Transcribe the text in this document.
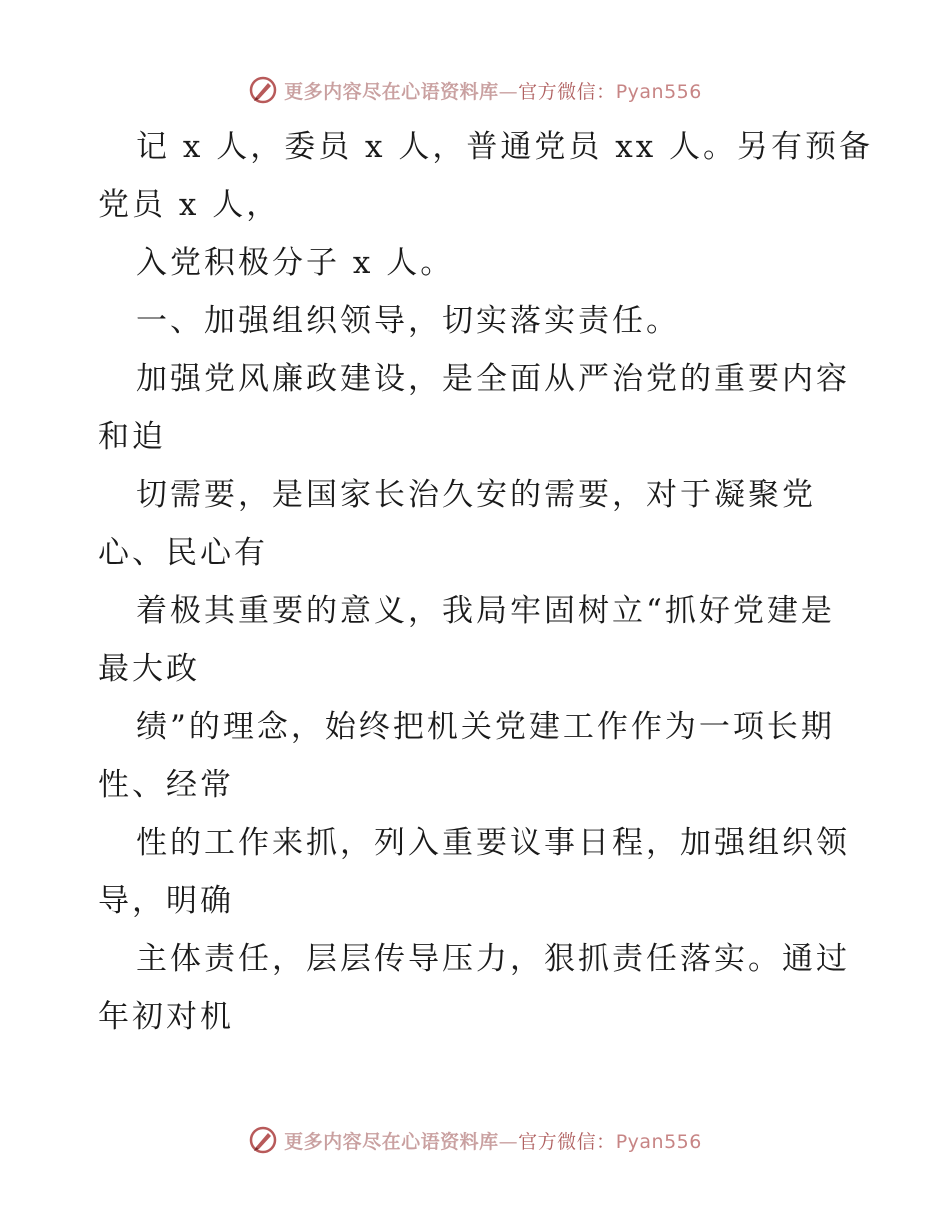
更多内容尽在心语资料库—官方微信：Pyan556

记 x 人，委员 x 人，普通党员 xx 人。另有预备

党员 x 人，

入党积极分子 x 人。

一、加强组织领导，切实落实责任。

加强党风廉政建设，是全面从严治党的重要内容

和迫

切需要，是国家长治久安的需要，对于凝聚党

心、民心有

着极其重要的意义，我局牢固树立“抓好党建是

最大政

绩”的理念，始终把机关党建工作作为一项长期

性、经常

性的工作来抓，列入重要议事日程，加强组织领

导，明确

主体责任，层层传导压力，狠抓责任落实。通过

年初对机

更多内容尽在心语资料库—官方微信：Pyan556
